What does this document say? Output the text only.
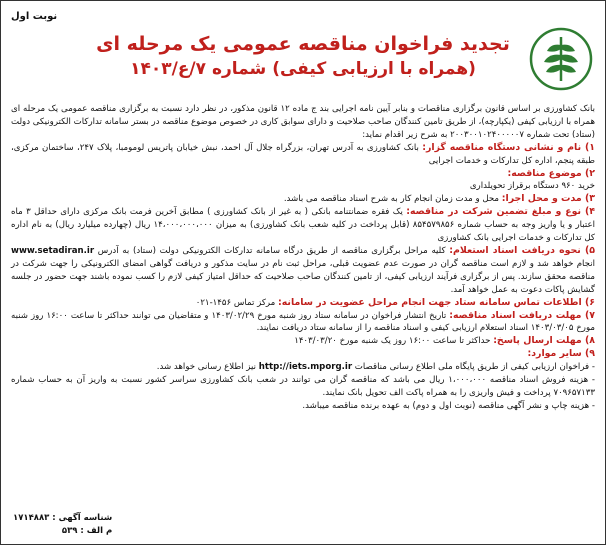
نوبت اول

تجدید فراخوان مناقصه عمومی یک مرحله ای

(همراه با ارزیابی کیفی) شماره ۷/ع/۱۴۰۳

بانک کشاورزی بر اساس قانون برگزاری مناقصات و بنابر آیین نامه اجرایی بند ج ماده ۱۲ قانون مذکور، در نظر دارد نسبت به برگزاری مناقصه عمومی یک مرحله ای همراه با ارزیابی کیفی (یکپارچه)، از طریق تامین کنندگان صاحب صلاحیت و دارای سوابق کاری در خصوص موضوع مناقصه در بستر سامانه تدارکات الکترونیکی دولت (ستاد) تحت شماره ۲۰۰۳۰۰۱۰۲۴۰۰۰۰۰۷ به شرح زیر اقدام نماید:

۱) نام و نشانی دستگاه مناقصه گزار: بانک کشاورزی به آدرس تهران، بزرگراه جلال آل احمد، نبش خیابان پاتریس لومومبا، پلاک ۲۴۷، ساختمان مرکزی، طبقه پنجم، اداره کل تدارکات و خدمات اجرایی

۲) موضوع مناقصه:

خرید ۹۶۰ دستگاه برقراز تحویلداری

۳) مدت و محل اجرا: محل و مدت زمان انجام کار به شرح اسناد مناقصه می باشد.

۴) نوع و مبلغ تضمین شرکت در مناقصه: یک فقره ضمانتنامه بانکی ( به غیر از بانک کشاورزی ) مطابق آخرین فرمت بانک مرکزی دارای حداقل ۳ ماه اعتبار و یا واریز وجه به حساب شماره ۸۵۴۵۷۹۸۵۶ (قابل پرداخت در کلیه شعب بانک کشاورزی) به میزان ۱۴،۰۰۰،۰۰۰،۰۰۰ ریال (چهارده میلیارد ریال) به نام اداره کل تدارکات و خدمات اجرایی بانک کشاورزی

۵) نحوه دریافت اسناد استعلام: کلیه مراحل برگزاری مناقصه از طریق درگاه سامانه تدارکات الکترونیکی دولت (ستاد) به آدرس www.setadiran.ir انجام خواهد شد و لازم است مناقصه گران در صورت عدم عضویت قبلی، مراحل ثبت نام در سایت مذکور و دریافت گواهی امضای الکترونیکی را جهت شرکت در مناقصه محقق سازند. پس از برگزاری فرآیند ارزیابی کیفی، از تامین کنندگان صاحب صلاحیت که حداقل امتیاز کیفی لازم را کسب نموده باشند جهت حضور در جلسه گشایش پاکات دعوت به عمل خواهد آمد.

۶) اطلاعات تماس سامانه ستاد جهت انجام مراحل عضویت در سامانه: مرکز تماس ۱۴۵۶-۰۲۱

۷) مهلت دریافت اسناد مناقصه: تاریخ انتشار فراخوان در سامانه ستاد روز شنبه مورخ ۱۴۰۳/۰۲/۲۹ و متقاضیان می توانند حداکثر تا ساعت ۱۶:۰۰ روز شنبه مورخ ۱۴۰۳/۰۳/۰۵ اسناد استعلام ارزیابی کیفی و اسناد مناقصه را از سامانه ستاد دریافت نمایند.

۸) مهلت ارسال پاسخ: حداکثر تا ساعت ۱۶:۰۰ روز یک شنبه مورخ ۱۴۰۳/۰۳/۲۰

۹) سایر موارد:

- فراخوان ارزیابی کیفی از طریق پایگاه ملی اطلاع رسانی مناقصات http://iets.mporg.ir نیز اطلاع رسانی خواهد شد.

- هزینه فروش اسناد مناقصه ۱،۰۰۰،۰۰۰ ریال می باشد که مناقصه گران می توانند در شعب بانک کشاورزی سراسر کشور نسبت به واریز آن به حساب شماره ۷۰۹۶۵۷۱۳۳ پرداخت و فیش واریزی را به همراه پاکت الف تحویل بانک نمایند.

- هزینه چاپ و نشر آگهی مناقصه (نوبت اول و دوم) به عهده برنده مناقصه میباشد.

شناسه آگهی : ۱۷۱۴۸۸۳
م الف : ۵۳۹
